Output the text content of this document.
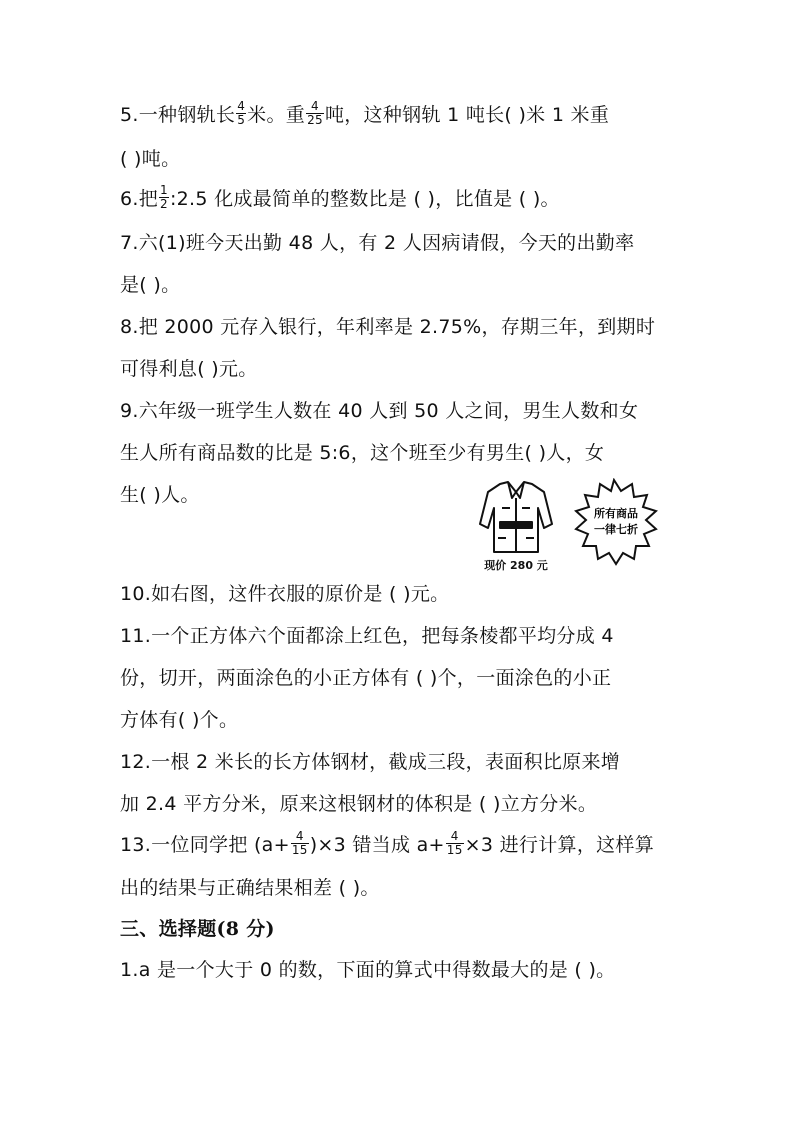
5.一种钢轨长 $\frac{4}{5}$ 米。重 $\frac{4}{25}$ 吨，这种钢轨 1 吨长( )米 1 米重
( )吨。
6.把 $\frac{1}{2}$ :2.5 化成最简单的整数比是 ( )，比值是 ( )。
7.六(1)班今天出勤 48 人，有 2 人因病请假，今天的出勤率
是( )。
8.把 2000 元存入银行，年利率是 2.75%，存期三年，到期时
可得利息( )元。
9.六年级一班学生人数在 40 人到 50 人之间，男生人数和女
生人所有商品数的比是 5:6，这个班至少有男生( )人，女
生( )人。
所有商品
一律七折
现价 280 元
10.如右图，这件衣服的原价是 ( )元。
11.一个正方体六个面都涂上红色，把每条棱都平均分成 4
份，切开，两面涂色的小正方体有 ( )个，一面涂色的小正
方体有( )个。
12.一根 2 米长的长方体钢材，截成三段，表面积比原来增
加 2.4 平方分米，原来这根钢材的体积是 ( )立方分米。
13.一位同学把 $(a+ \frac{4}{15} )\times 3$ 错当成 $a+ \frac{4}{15} \times 3$ 进行计算，这样算
出的结果与正确结果相差 ( )。
三、选择题(8 分)
1.a 是一个大于 0 的数，下面的算式中得数最大的是 ( )。
